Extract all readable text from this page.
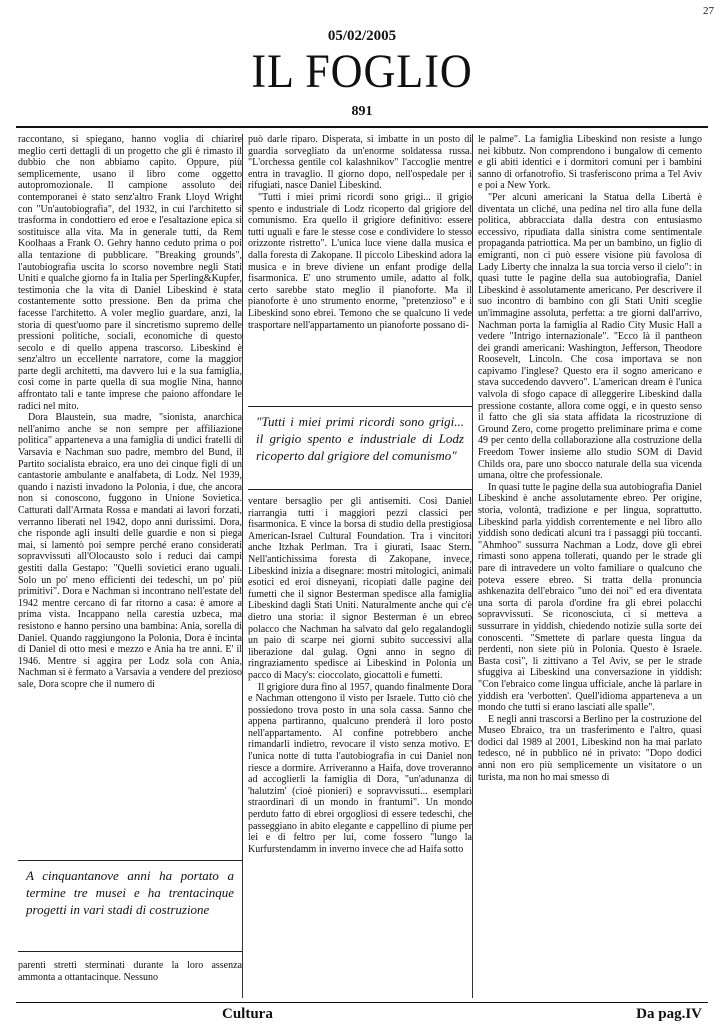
27
05/02/2005
IL FOGLIO
891

raccontano, si spiegano, hanno voglia di chiarire meglio certi dettagli di un progetto che gli è rimasto il dubbio che non abbiamo capito. Oppure, più semplicemente, usano il libro come oggetto autopromozionale. Il campione assoluto dei contemporanei è stato senz'altro Frank Lloyd Wright con "Un'autobiografia", del 1932, in cui l'architetto si trasforma in condottiero ed eroe e l'esaltazione epica si sostituisce alla vita. Ma in generale tutti, da Rem Koolhaas a Frank O. Gehry hanno ceduto prima o poi alla tentazione di pubblicare. "Breaking grounds", l'autobiografia uscita lo scorso novembre negli Stati Uniti e qualche giorno fa in Italia per Sperling&Kupfer, testimonia che la vita di Daniel Libeskind è stata costantemente sotto pressione. Ben da prima che facesse l'architetto. A voler meglio guardare, anzi, la storia di quest'uomo pare il sincretismo supremo delle pressioni politiche, sociali, economiche di questo secolo e di quello appena trascorso. Libeskind è senz'altro un eccellente narratore, come la maggior parte degli architetti, ma davvero lui e la sua famiglia, così come in parte quella di sua moglie Nina, hanno affrontato tali e tante imprese che paiono affondare le radici nel mito.

Dora Blaustein, sua madre, "sionista, anarchica nell'animo anche se non sempre per affiliazione politica" apparteneva a una famiglia di undici fratelli di Varsavia e Nachman suo padre, membro del Bund, il Partito socialista ebraico, era uno dei cinque figli di un cantastorie ambulante e analfabeta, di Lodz. Nel 1939, quando i nazisti invadono la Polonia, i due, che ancora non si conoscono, fuggono in Unione Sovietica. Catturati dall'Armata Rossa e mandati ai lavori forzati, verranno liberati nel 1942, dopo anni durissimi. Dora, che risponde agli insulti delle guardie e non si piega mai, si lamentò poi sempre perché erano considerati sopravvissuti all'Olocausto solo i reduci dai campi gestiti dalla Gestapo: "Quelli sovietici erano uguali. Solo un po' meno efficienti dei tedeschi, un po' più primitivi". Dora e Nachman si incontrano nell'estate del 1942 mentre cercano di far ritorno a casa: è amore a prima vista. Incappano nella carestia uzbeca, ma resistono e hanno persino una bambina: Ania, sorella di Daniel. Quando raggiungono la Polonia, Dora è incinta di Daniel di otto mesi e mezzo e Ania ha tre anni. E' il 1946. Mentre si aggira per Lodz sola con Ania, Nachman si è fermato a Varsavia a vendere del prezioso sale, Dora scopre che il numero di

A cinquantanove anni ha portato a termine tre musei e ha trentacinque progetti in vari stadi di costruzione

parenti stretti sterminati durante la loro assenza ammonta a ottantacinque. Nessuno

può darle riparo. Disperata, si imbatte in un posto di guardia sorvegliato da un'enorme soldatessa russa. "L'orchessa gentile col kalashnikov" l'accoglie mentre entra in travaglio. Il giorno dopo, nell'ospedale per i rifugiati, nasce Daniel Libeskind.

"Tutti i miei primi ricordi sono grigi... il grigio spento e industriale di Lodz ricoperto dal grigiore del comunismo. Era quello il grigiore definitivo: essere tutti uguali e fare le stesse cose e condividere lo stesso orizzonte ristretto". L'unica luce viene dalla musica e dalla foresta di Zakopane. Il piccolo Libeskind adora la musica e in breve diviene un enfant prodige della fisarmonica. E' uno strumento umile, adatto al folk, certo sarebbe stato meglio il pianoforte. Ma il pianoforte è uno strumento enorme, "pretenzioso" e i Libeskind sono ebrei. Temono che se qualcuno li vede trasportare nell'appartamento un pianoforte possano di-

"Tutti i miei primi ricordi sono grigi... il grigio spento e industriale di Lodz ricoperto dal grigiore del comunismo"

ventare bersaglio per gli antisemiti. Così Daniel riarrangia tutti i maggiori pezzi classici per fisarmonica. E vince la borsa di studio della prestigiosa American-Israel Cultural Foundation. Tra i vincitori anche Itzhak Perlman. Tra i giurati, Isaac Stern. Nell'antichissima foresta di Zakopane, invece, Libeskind inizia a disegnare: mostri mitologici, animali esotici ed eroi disneyani, ricopiati dalle pagine dei fumetti che il signor Besterman spedisce alla famiglia Libeskind dagli Stati Uniti. Naturalmente anche qui c'è dietro una storia: il signor Besterman è un ebreo polacco che Nachman ha salvato dal gelo regalandogli un paio di scarpe nei giorni subito successivi alla liberazione dal gulag. Ogni anno in segno di ringraziamento spedisce ai Libeskind in Polonia un pacco di Macy's: cioccolato, giocattoli e fumetti.

Il grigiore dura fino al 1957, quando finalmente Dora e Nachman ottengono il visto per Israele. Tutto ciò che possiedono trova posto in una sola cassa. Sanno che appena partiranno, qualcuno prenderà il loro posto nell'appartamento. Al confine potrebbero anche rimandarli indietro, revocare il visto senza motivo. E' l'unica notte di tutta l'autobiografia in cui Daniel non riesce a dormire. Arriveranno a Haifa, dove troveranno ad accoglierli la famiglia di Dora, "un'adunanza di 'halutzim' (cioè pionieri) e sopravvissuti... esemplari straordinari di un mondo in frantumi". Un mondo perduto fatto di ebrei orgogliosi di essere tedeschi, che passeggiano in abito elegante e cappellino di piume per lei e di feltro per lui, come fossero "lungo la Kurfurstendamm in inverno invece che ad Haifa sotto

le palme". La famiglia Libeskind non resiste a lungo nei kibbutz. Non comprendono i bungalow di cemento e gli abiti identici e i dormitori comuni per i bambini sanno di orfanotrofio. Si trasferiscono prima a Tel Aviv e poi a New York.

"Per alcuni americani la Statua della Libertà è diventata un cliché, una pedina nel tiro alla fune della politica, abbracciata dalla destra con entusiasmo eccessivo, ripudiata dalla sinistra come sentimentale propaganda patriottica. Ma per un bambino, un figlio di emigranti, non ci può essere visione più favolosa di Lady Liberty che innalza la sua torcia verso il cielo": in quasi tutte le pagine della sua autobiografia, Daniel Libeskind è assolutamente americano. Per descrivere il suo incontro di bambino con gli Stati Uniti sceglie un'immagine assoluta, perfetta: a tre giorni dall'arrivo, Nachman porta la famiglia al Radio City Music Hall a vedere "Intrigo internazionale". "Ecco là il pantheon dei grandi americani: Washington, Jefferson, Theodore Roosevelt, Lincoln. Che cosa importava se non capivamo l'inglese? Questo era il sogno americano e stava succedendo davvero". L'american dream è l'unica valvola di sfogo capace di alleggerire Libeskind dalla pressione costante, allora come oggi, e in questo senso il fatto che gli sia stata affidata la ricostruzione di Ground Zero, come progetto preliminare prima e come 49 per cento della collaborazione alla costruzione della Freedom Tower insieme allo studio SOM di David Childs ora, pare uno sbocco naturale della sua vicenda umana, oltre che professionale.

In quasi tutte le pagine della sua autobiografia Daniel Libeskind è anche assolutamente ebreo. Per origine, storia, volontà, tradizione e per lingua, soprattutto. Libeskind parla yiddish correntemente e nel libro allo yiddish sono dedicati alcuni tra i passaggi più toccanti. "Ahmhoo" sussurra Nachman a Lodz, dove gli ebrei rimasti sono appena tollerati, quando per le strade gli pare di intravedere un volto familiare o qualcuno che poteva essere ebreo. Si tratta della pronuncia ashkenazita dell'ebraico "uno dei noi" ed era diventata una sorta di parola d'ordine fra gli ebrei polacchi sopravvissuti. Se riconosciuta, ci si metteva a sussurrare in yiddish, chiedendo notizie sulla sorte dei conoscenti. "Smettete di parlare questa lingua da perdenti, non siete più in Polonia. Questo è Israele. Basta così", li zittivano a Tel Aviv, se per le strade sfuggiva ai Libeskind una conversazione in yiddish: "Con l'ebraico come lingua ufficiale, anche là parlare in yiddish era 'verbotten'. Quell'idioma apparteneva a un mondo che tutti si erano lasciati alle spalle".

E negli anni trascorsi a Berlino per la costruzione del Museo Ebraico, tra un trasferimento e l'altro, quasi dodici dal 1989 al 2001, Libeskind non ha mai parlato tedesco, né in pubblico né in privato: "Dopo dodici anni non ero più semplicemente un visitatore o un turista, ma non ho mai smesso di

Cultura	Da pag.IV
